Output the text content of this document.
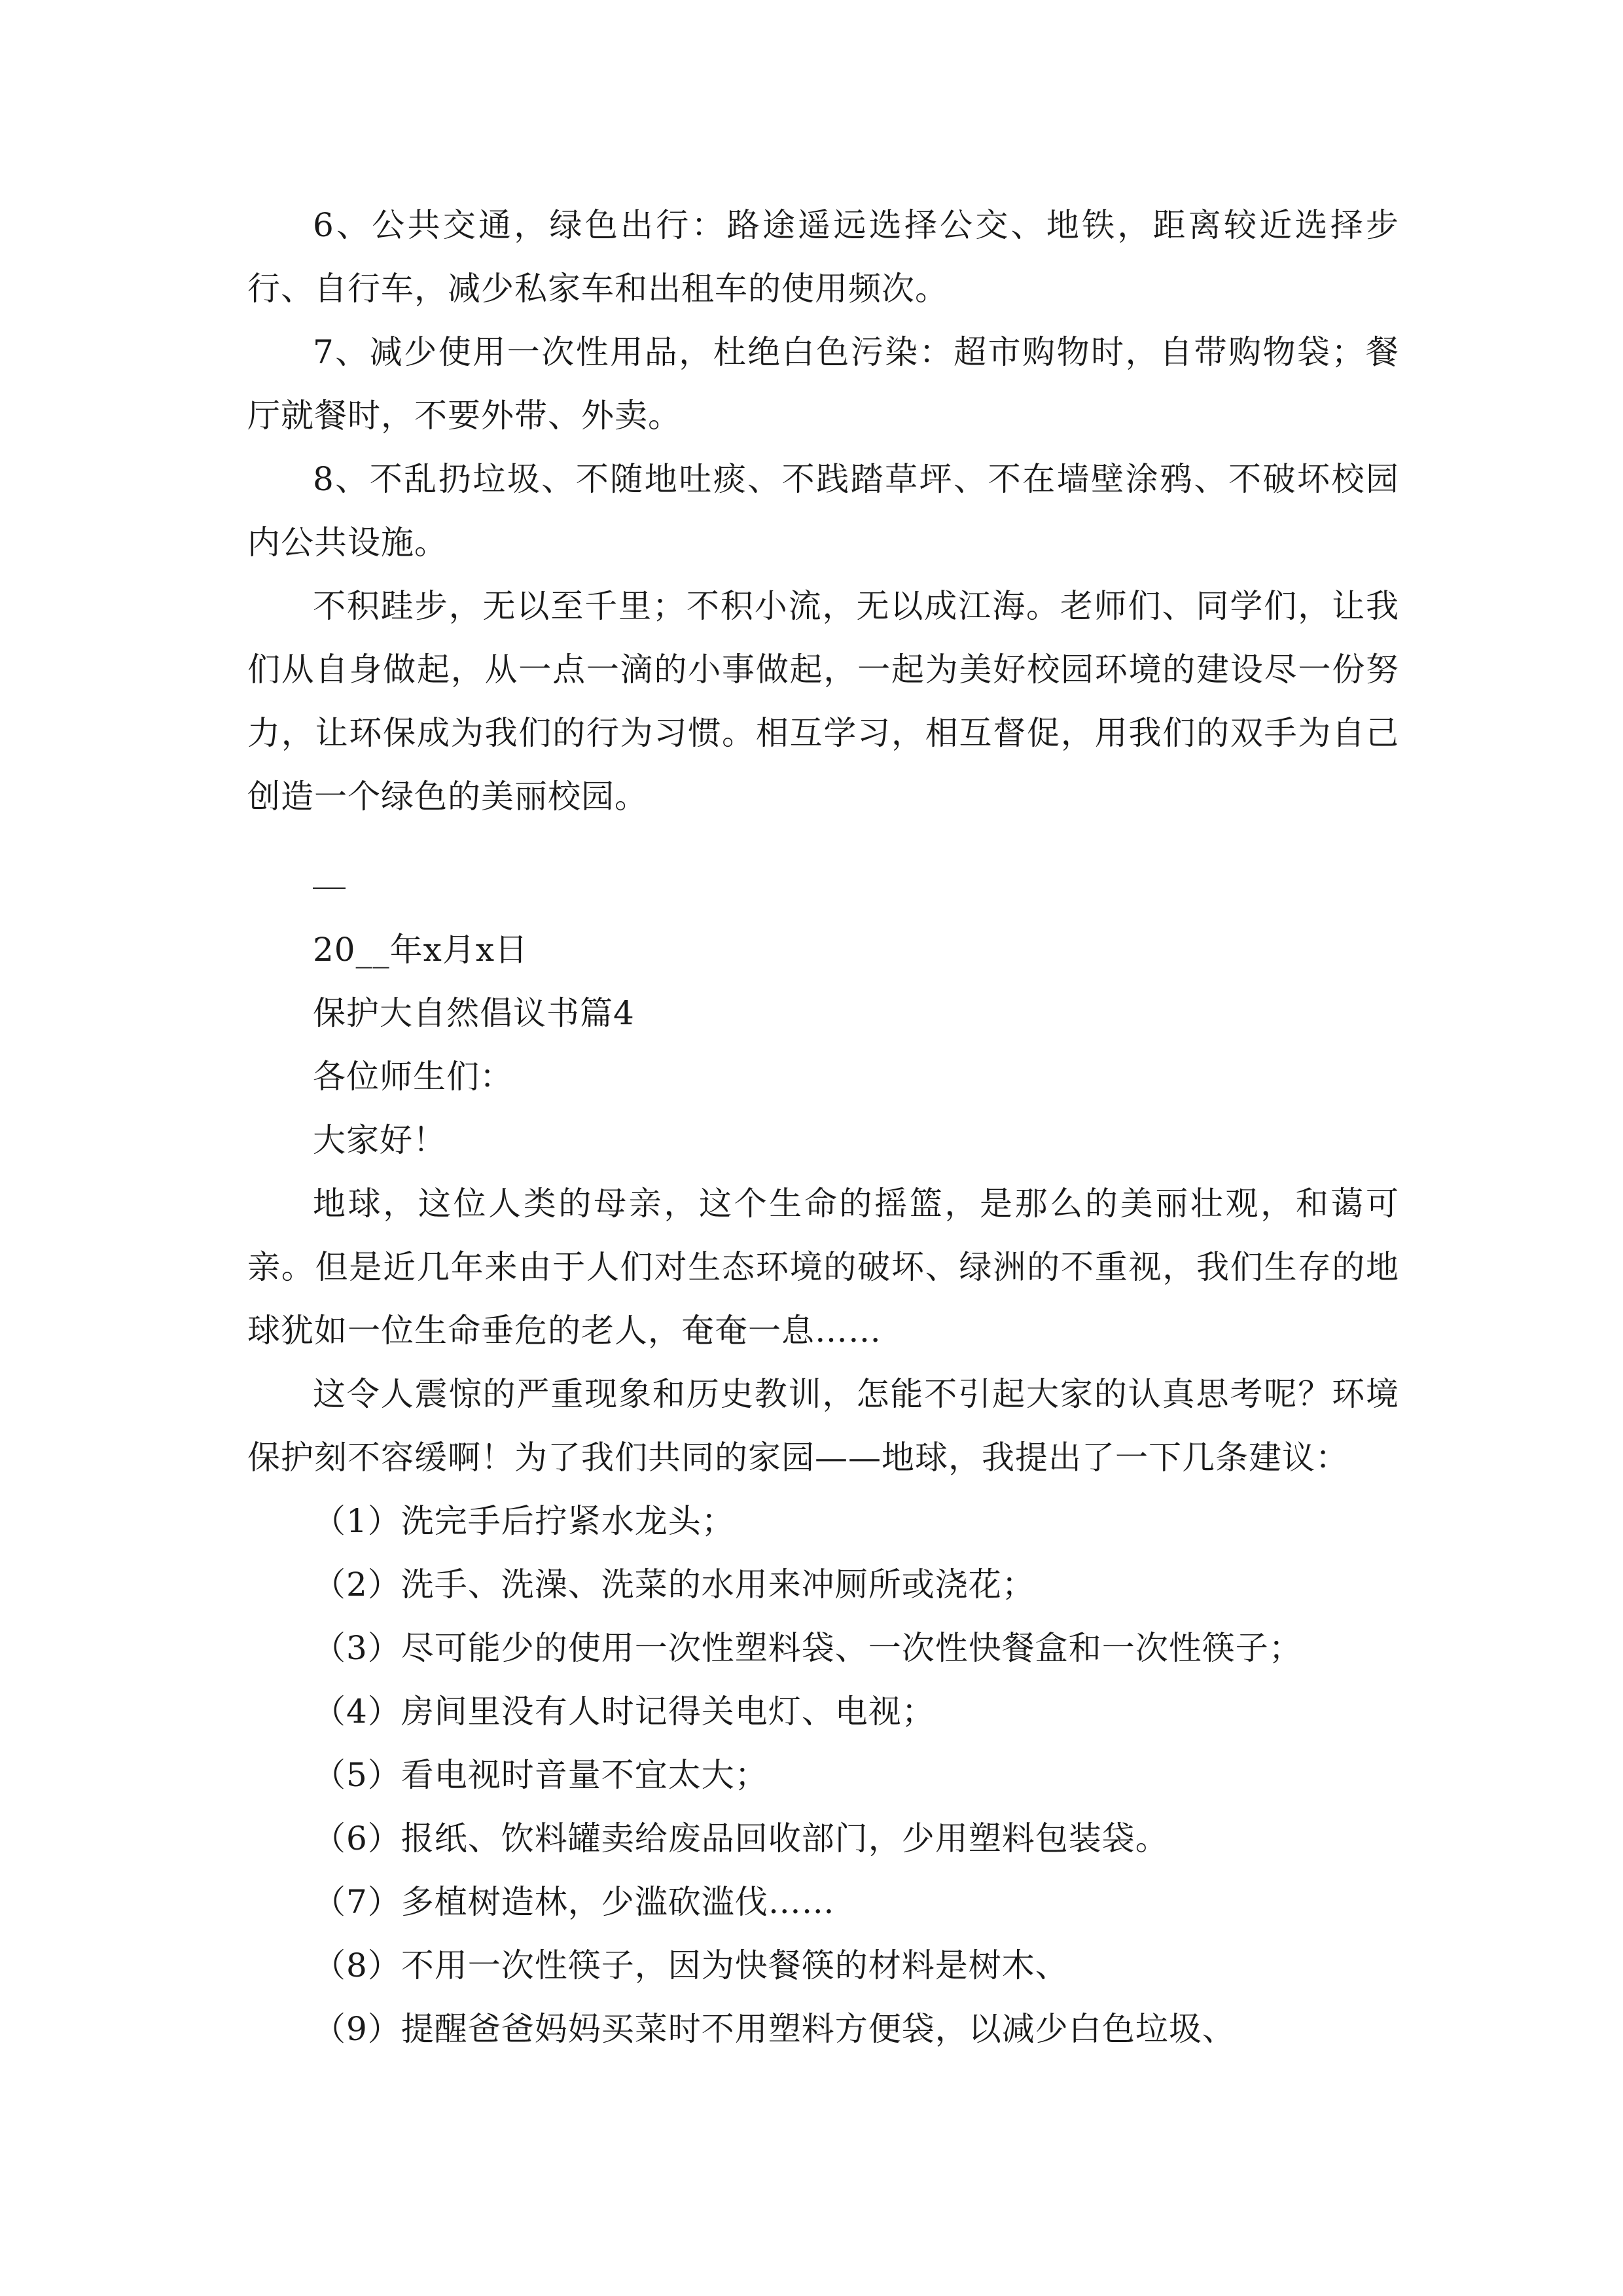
6、公共交通，绿色出行：路途遥远选择公交、地铁，距离较近选择步行、自行车，减少私家车和出租车的使用频次。

7、减少使用一次性用品，杜绝白色污染：超市购物时，自带购物袋；餐厅就餐时，不要外带、外卖。

8、不乱扔垃圾、不随地吐痰、不践踏草坪、不在墙壁涂鸦、不破坏校园内公共设施。

不积跬步，无以至千里；不积小流，无以成江海。老师们、同学们，让我们从自身做起，从一点一滴的小事做起，一起为美好校园环境的建设尽一份努力，让环保成为我们的行为习惯。相互学习，相互督促，用我们的双手为自己创造一个绿色的美丽校园。

20__年x月x日

保护大自然倡议书篇4

各位师生们：

大家好！

地球，这位人类的母亲，这个生命的摇篮，是那么的美丽壮观，和蔼可亲。但是近几年来由于人们对生态环境的破坏、绿洲的不重视，我们生存的地球犹如一位生命垂危的老人，奄奄一息……

这令人震惊的严重现象和历史教训，怎能不引起大家的认真思考呢？环境保护刻不容缓啊！为了我们共同的家园——地球，我提出了一下几条建议：

（1）洗完手后拧紧水龙头；

（2）洗手、洗澡、洗菜的水用来冲厕所或浇花；

（3）尽可能少的使用一次性塑料袋、一次性快餐盒和一次性筷子；

（4）房间里没有人时记得关电灯、电视；

（5）看电视时音量不宜太大；

（6）报纸、饮料罐卖给废品回收部门，少用塑料包装袋。

（7）多植树造林，少滥砍滥伐……

（8）不用一次性筷子，因为快餐筷的材料是树木、

（9）提醒爸爸妈妈买菜时不用塑料方便袋，以减少白色垃圾、
